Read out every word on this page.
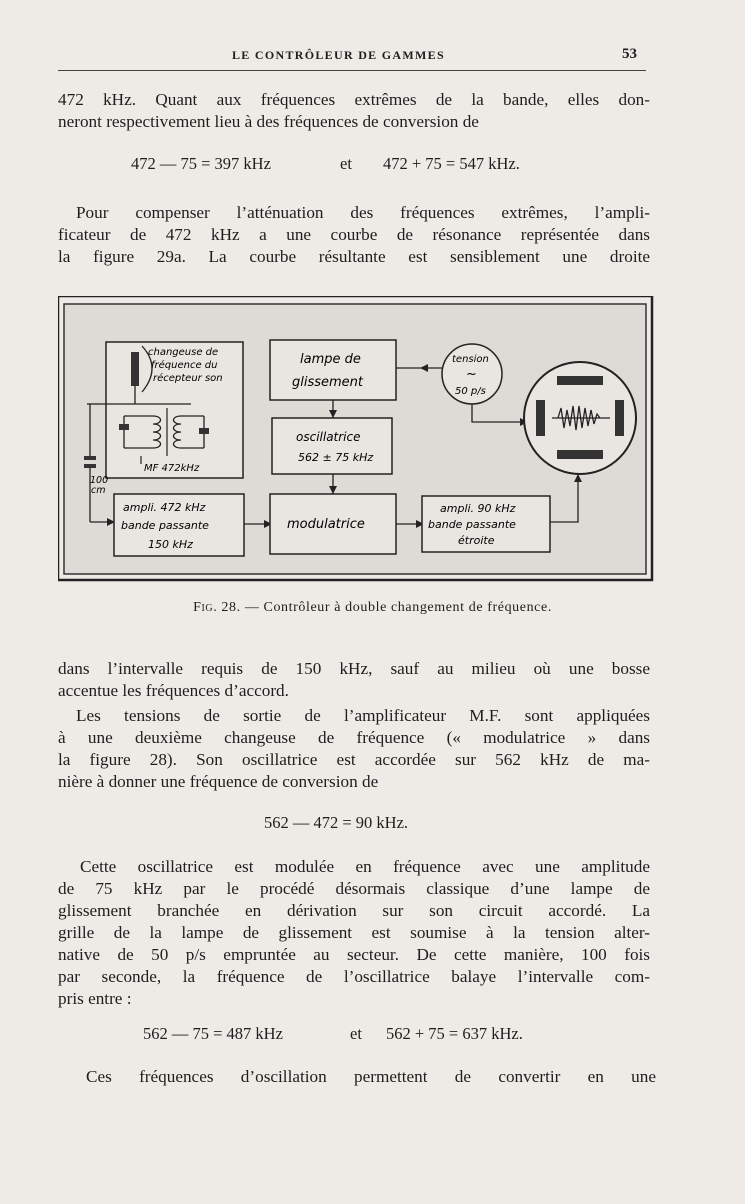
LE CONTRÔLEUR DE GAMMES	53
472 kHz. Quant aux fréquences extrêmes de la bande, elles don-
neront respectivement lieu à des fréquences de conversion de
472 — 75 = 397 kHz	et 472 + 75 = 547 kHz.
Pour compenser l’atténuation des fréquences extrêmes, l’ampli-
ficateur de 472 kHz a une courbe de résonance représentée dans
la figure 29a. La courbe résultante est sensiblement une droite
changeuse de
fréquence du
récepteur son
MF 472kHz
100
cm
ampli. 472 kHz
bande passante
150 kHz
lampe de
glissement
oscillatrice
562 ± 75 kHz
modulatrice
ampli. 90 kHz
bande passante
étroite
tension
~
50 p/s
Fig. 28. — Contrôleur à double changement de fréquence.
dans l’intervalle requis de 150 kHz, sauf au milieu où une bosse
accentue les fréquences d’accord.
Les tensions de sortie de l’amplificateur M.F. sont appliquées
à une deuxième changeuse de fréquence (« modulatrice » dans
la figure 28). Son oscillatrice est accordée sur 562 kHz de ma-
nière à donner une fréquence de conversion de
562 — 472 = 90 kHz.
Cette oscillatrice est modulée en fréquence avec une amplitude
de 75 kHz par le procédé désormais classique d’une lampe de
glissement branchée en dérivation sur son circuit accordé. La
grille de la lampe de glissement est soumise à la tension alter-
native de 50 p/s empruntée au secteur. De cette manière, 100 fois
par seconde, la fréquence de l’oscillatrice balaye l’intervalle com-
pris entre :
562 — 75 = 487 kHz	et 562 + 75 = 637 kHz.
Ces fréquences d’oscillation permettent de convertir en une
